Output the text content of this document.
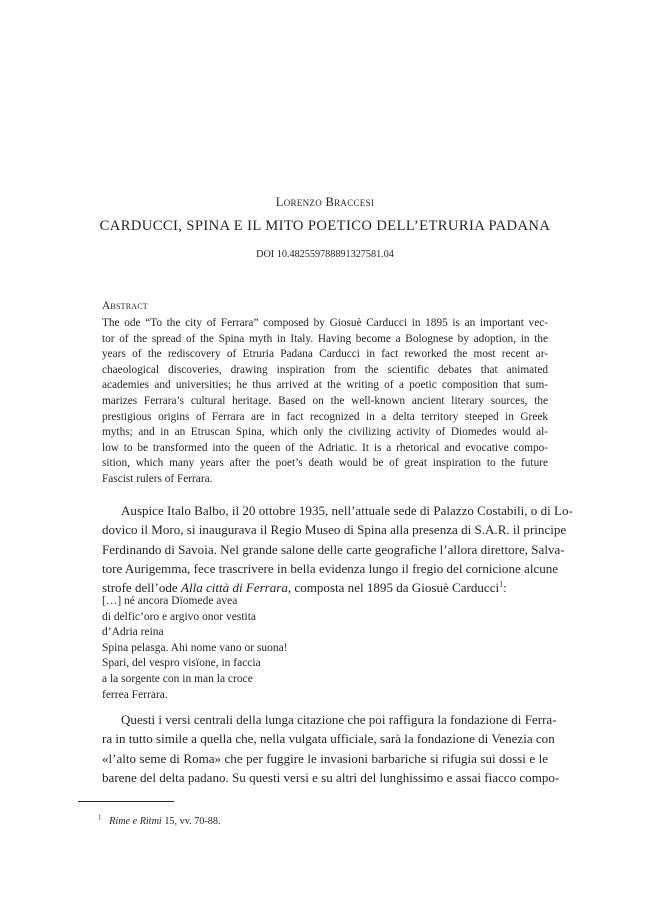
Lorenzo Braccesi
CARDUCCI, SPINA E IL MITO POETICO DELL’ETRURIA PADANA
DOI 10.482559788891327581.04
Abstract
The ode “To the city of Ferrara” composed by Giosuè Carducci in 1895 is an important vec-
tor of the spread of the Spina myth in Italy. Having become a Bolognese by adoption, in the
years of the rediscovery of Etruria Padana Carducci in fact reworked the most recent ar-
chaeological discoveries, drawing inspiration from the scientific debates that animated
academies and universities; he thus arrived at the writing of a poetic composition that sum-
marizes Ferrara’s cultural heritage. Based on the well-known ancient literary sources, the
prestigious origins of Ferrara are in fact recognized in a delta territory steeped in Greek
myths; and in an Etruscan Spina, which only the civilizing activity of Diomedes would al-
low to be transformed into the queen of the Adriatic. It is a rhetorical and evocative compo-
sition, which many years after the poet’s death would be of great inspiration to the future
Fascist rulers of Ferrara.
Auspice Italo Balbo, il 20 ottobre 1935, nell’attuale sede di Palazzo Costabili, o di Lo-
dovico il Moro, si inaugurava il Regio Museo di Spina alla presenza di S.A.R. il principe
Ferdinando di Savoia. Nel grande salone delle carte geografiche l’allora direttore, Salva-
tore Aurigemma, fece trascrivere in bella evidenza lungo il fregio del cornicione alcune
strofe dell’ode Alla città di Ferrara, composta nel 1895 da Giosuè Carducci$^1$:
[…] né ancora Dïomede avea
di delfic’oro e argivo onor vestita
d’Adria reina
Spina pelasga. Ahi nome vano or suona!
Spari, del vespro visïone, in faccia
a la sorgente con in man la croce
ferrea Ferrara.
Questi i versi centrali della lunga citazione che poi raffigura la fondazione di Ferra-
ra in tutto simile a quella che, nella vulgata ufficiale, sarà la fondazione di Venezia con
«l’alto seme di Roma» che per fuggire le invasioni barbariche si rifugia sui dossi e le
barene del delta padano. Su questi versi e su altri del lunghissimo e assai fiacco compo-
$^1$ Rime e Ritmi 15, vv. 70-88.
